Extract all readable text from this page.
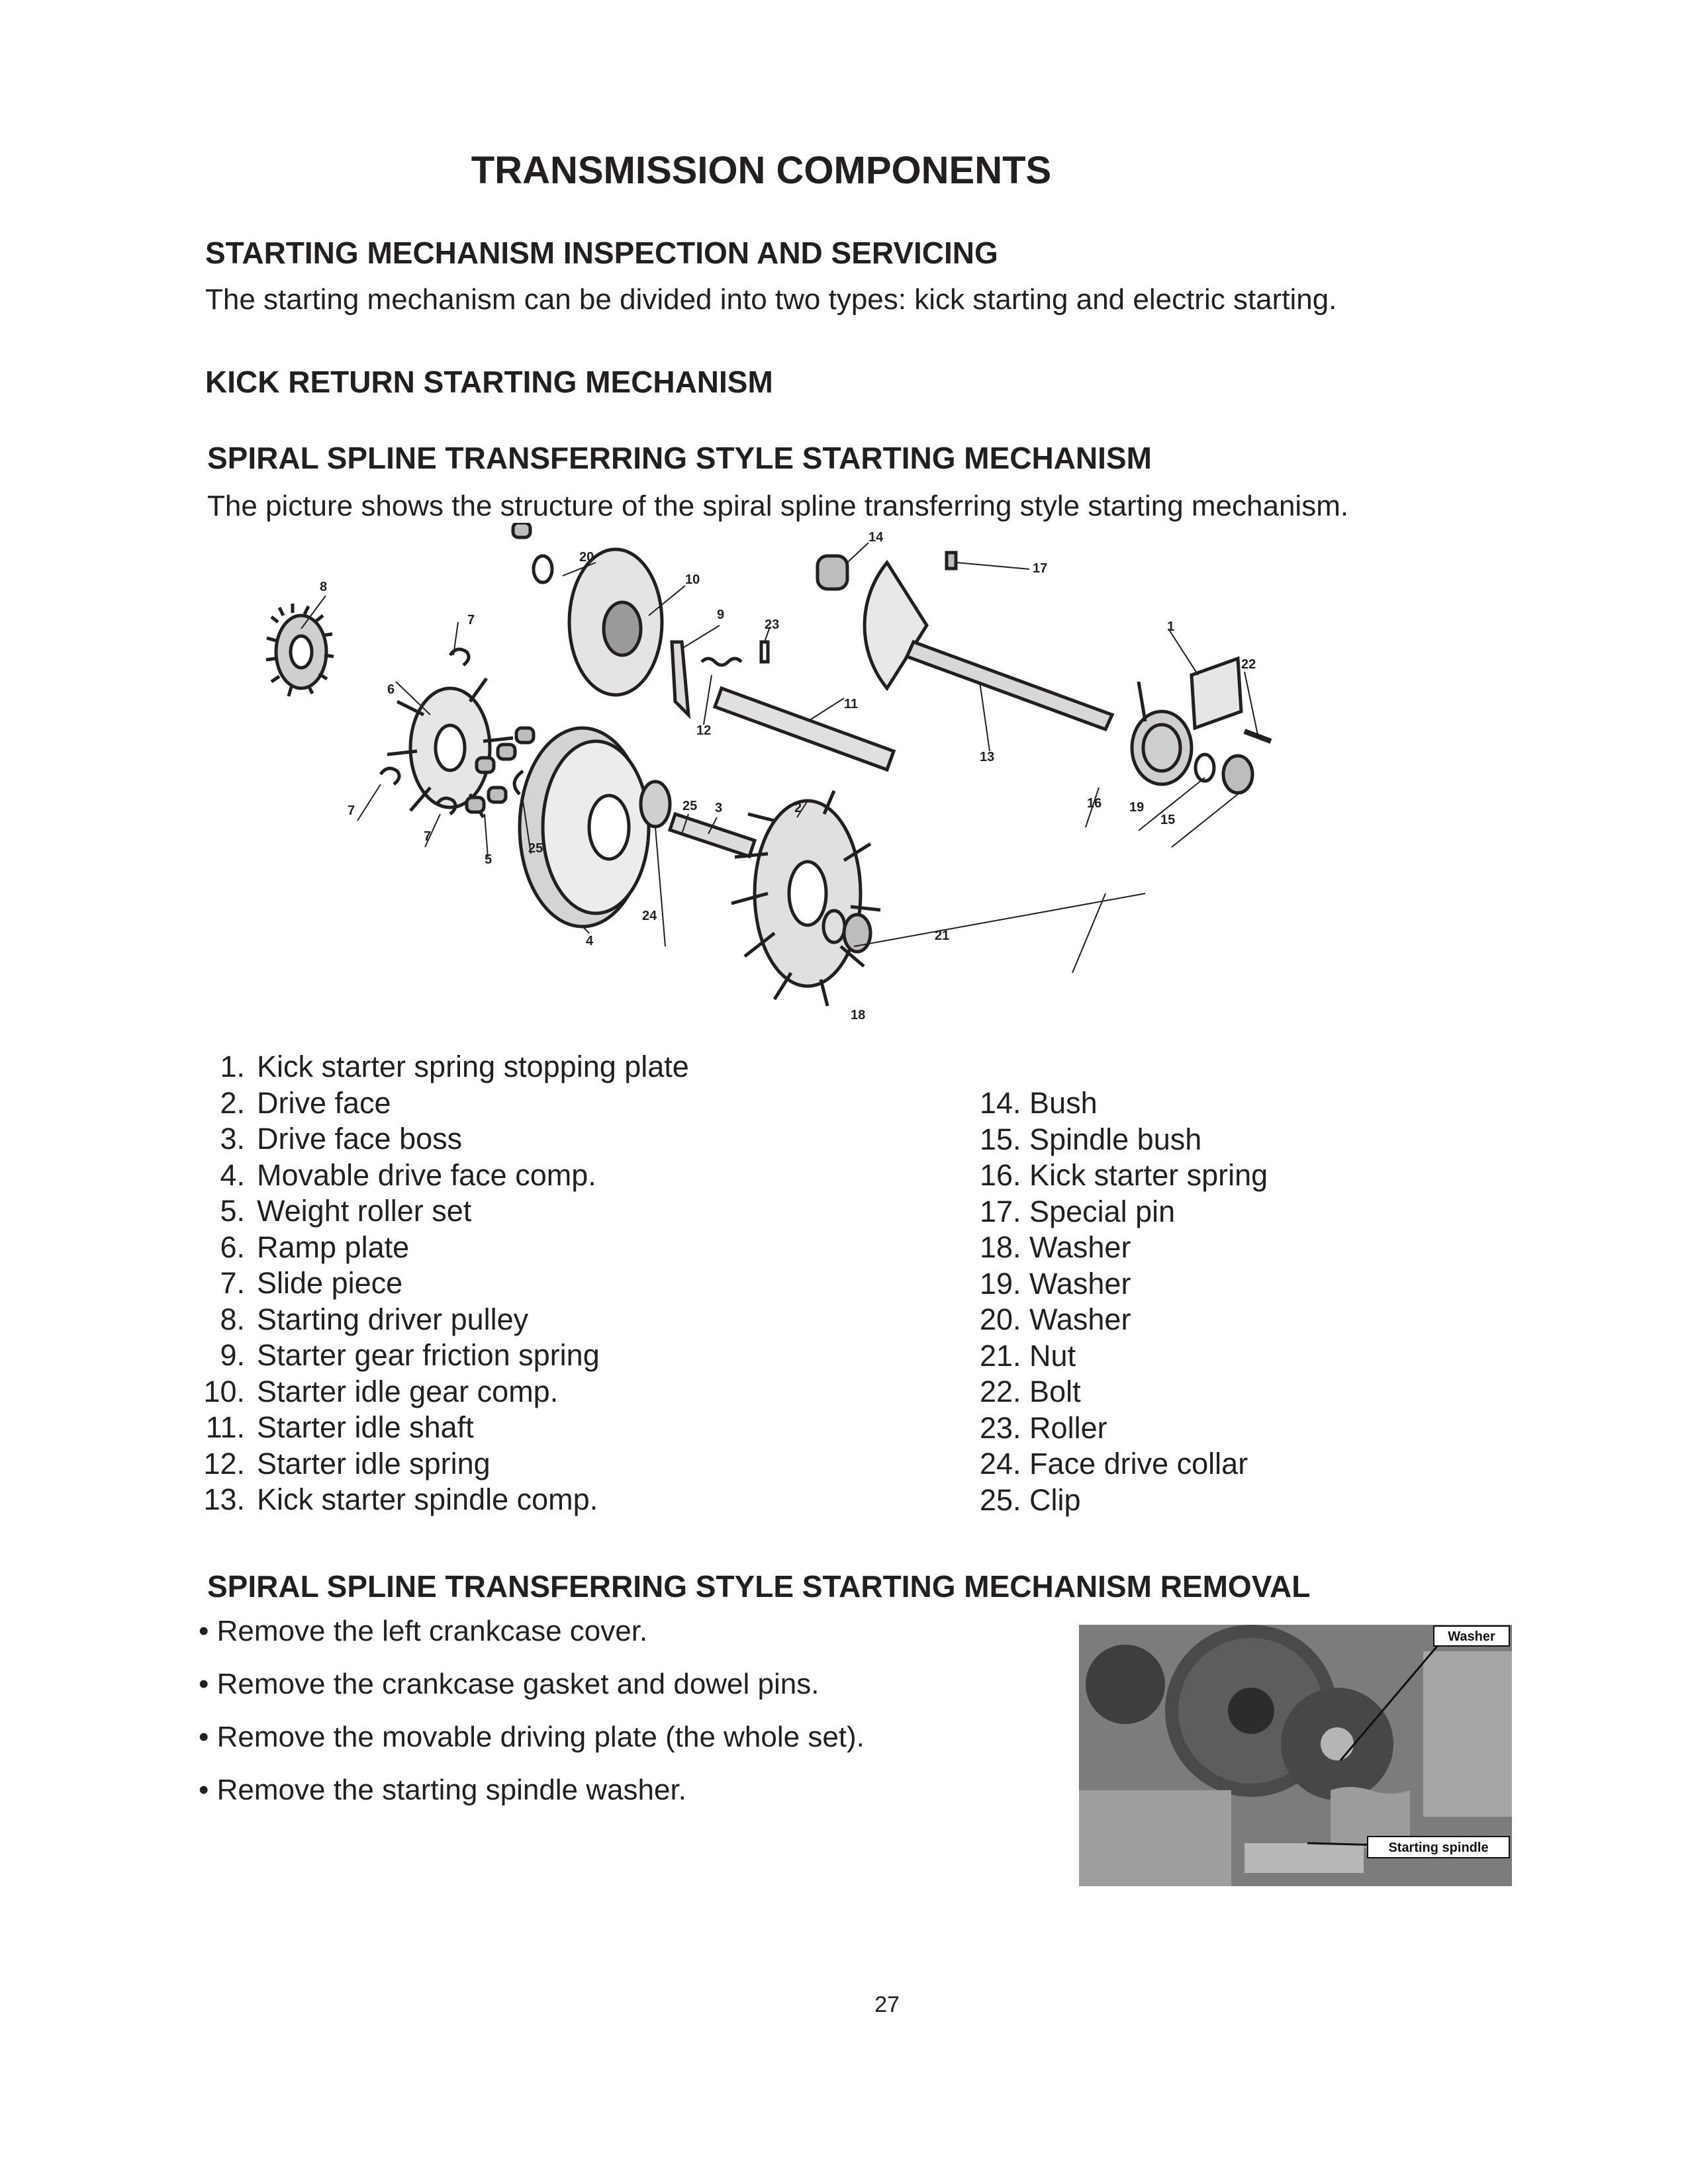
TRANSMISSION COMPONENTS
STARTING MECHANISM INSPECTION AND SERVICING
The starting mechanism can be divided into two types: kick starting and electric starting.
KICK RETURN STARTING MECHANISM
SPIRAL SPLINE TRANSFERRING STYLE STARTING MECHANISM
The picture shows the structure of the spiral spline transferring style starting mechanism.
8
7
6
7
7
5
25
4
24
25 3	2
20
10
9
12
23
11
13
14
17
1
22
16 19
15
21
18
1. Kick starter spring stopping plate
2. Drive face
3. Drive face boss
4. Movable drive face comp.
5. Weight roller set
6. Ramp plate
7. Slide piece
8. Starting driver pulley
9. Starter gear friction spring
10. Starter idle gear comp.
11. Starter idle shaft
12. Starter idle spring
13. Kick starter spindle comp.
14. Bush
15. Spindle bush
16. Kick starter spring
17. Special pin
18. Washer
19. Washer
20. Washer
21. Nut
22. Bolt
23. Roller
24. Face drive collar
25. Clip
SPIRAL SPLINE TRANSFERRING STYLE STARTING MECHANISM REMOVAL
• Remove the left crankcase cover.
• Remove the crankcase gasket and dowel pins.
• Remove the movable driving plate (the whole set).
• Remove the starting spindle washer.
Washer
Starting spindle
27
